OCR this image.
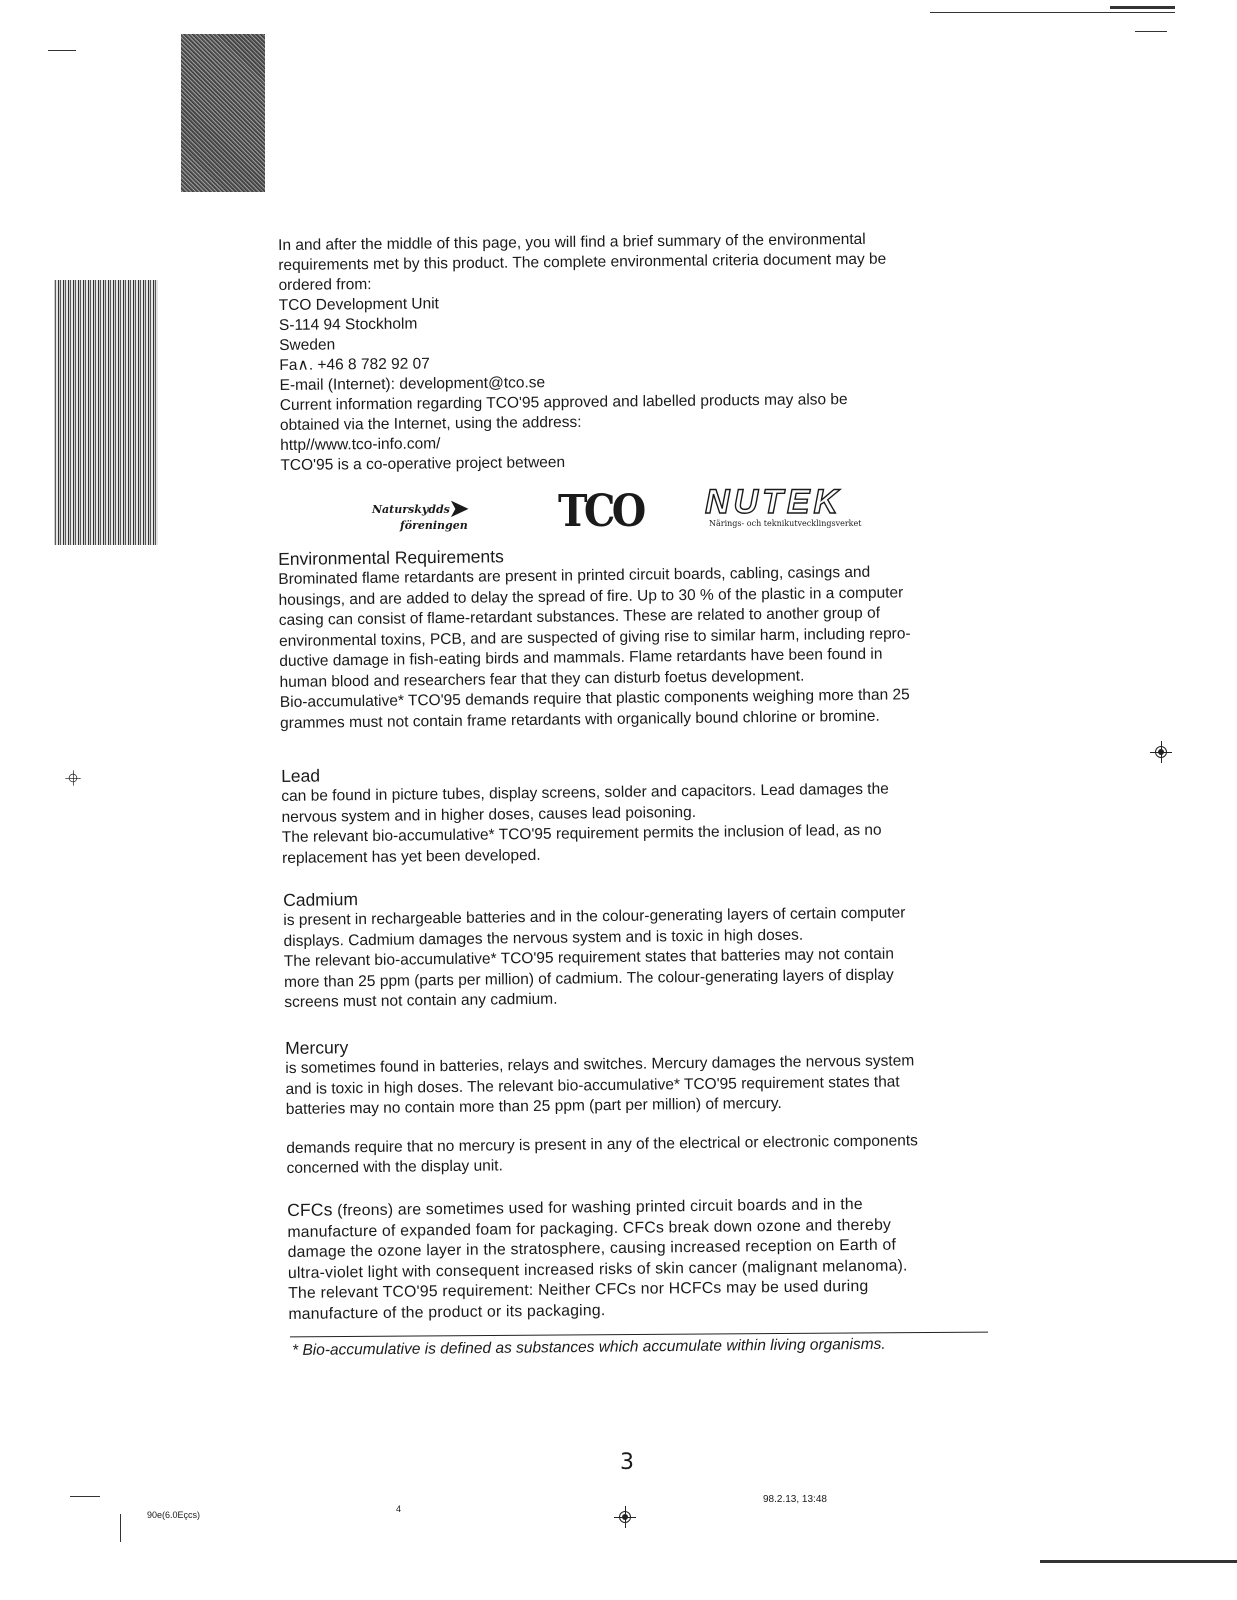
In and after the middle of this page, you will find a brief summary of the environmental

requirements met by this product. The complete environmental criteria document may be

ordered from:

TCO Development Unit

S-114 94 Stockholm

Sweden

Fa∧. +46 8 782 92 07

E-mail (Internet): development@tco.se

Current information regarding TCO'95 approved and labelled products may also be

obtained via the Internet, using the address:

http//www.tco-info.com/

TCO'95 is a co-operative project between

Naturskydds
föreningen
➤ TCO NUTEK
Närings- och teknikutvecklingsverket
Environmental Requirements

Brominated flame retardants are present in printed circuit boards, cabling, casings and

housings, and are added to delay the spread of fire. Up to 30 % of the plastic in a computer

casing can consist of flame-retardant substances. These are related to another group of

environmental toxins, PCB, and are suspected of giving rise to similar harm, including repro-

ductive damage in fish-eating birds and mammals. Flame retardants have been found in

human blood and researchers fear that they can disturb foetus development.

Bio-accumulative* TCO'95 demands require that plastic components weighing more than 25

grammes must not contain frame retardants with organically bound chlorine or bromine.

Lead

can be found in picture tubes, display screens, solder and capacitors. Lead damages the

nervous system and in higher doses, causes lead poisoning.

The relevant bio-accumulative* TCO'95 requirement permits the inclusion of lead, as no

replacement has yet been developed.

Cadmium

is present in rechargeable batteries and in the colour-generating layers of certain computer

displays. Cadmium damages the nervous system and is toxic in high doses.

The relevant bio-accumulative* TCO'95 requirement states that batteries may not contain

more than 25 ppm (parts per million) of cadmium. The colour-generating layers of display

screens must not contain any cadmium.

Mercury

is sometimes found in batteries, relays and switches. Mercury damages the nervous system

and is toxic in high doses. The relevant bio-accumulative* TCO'95 requirement states that

batteries may no contain more than 25 ppm (part per million) of mercury.

demands require that no mercury is present in any of the electrical or electronic components

concerned with the display unit.

CFCs (freons) are sometimes used for washing printed circuit boards and in the

manufacture of expanded foam for packaging. CFCs break down ozone and thereby

damage the ozone layer in the stratosphere, causing increased reception on Earth of

ultra-violet light with consequent increased risks of skin cancer (malignant melanoma).

The relevant TCO'95 requirement: Neither CFCs nor HCFCs may be used during

manufacture of the product or its packaging.

* Bio-accumulative is defined as substances which accumulate within living organisms.
3
90e(6.0Eçcs)
4
98.2.13, 13:48
